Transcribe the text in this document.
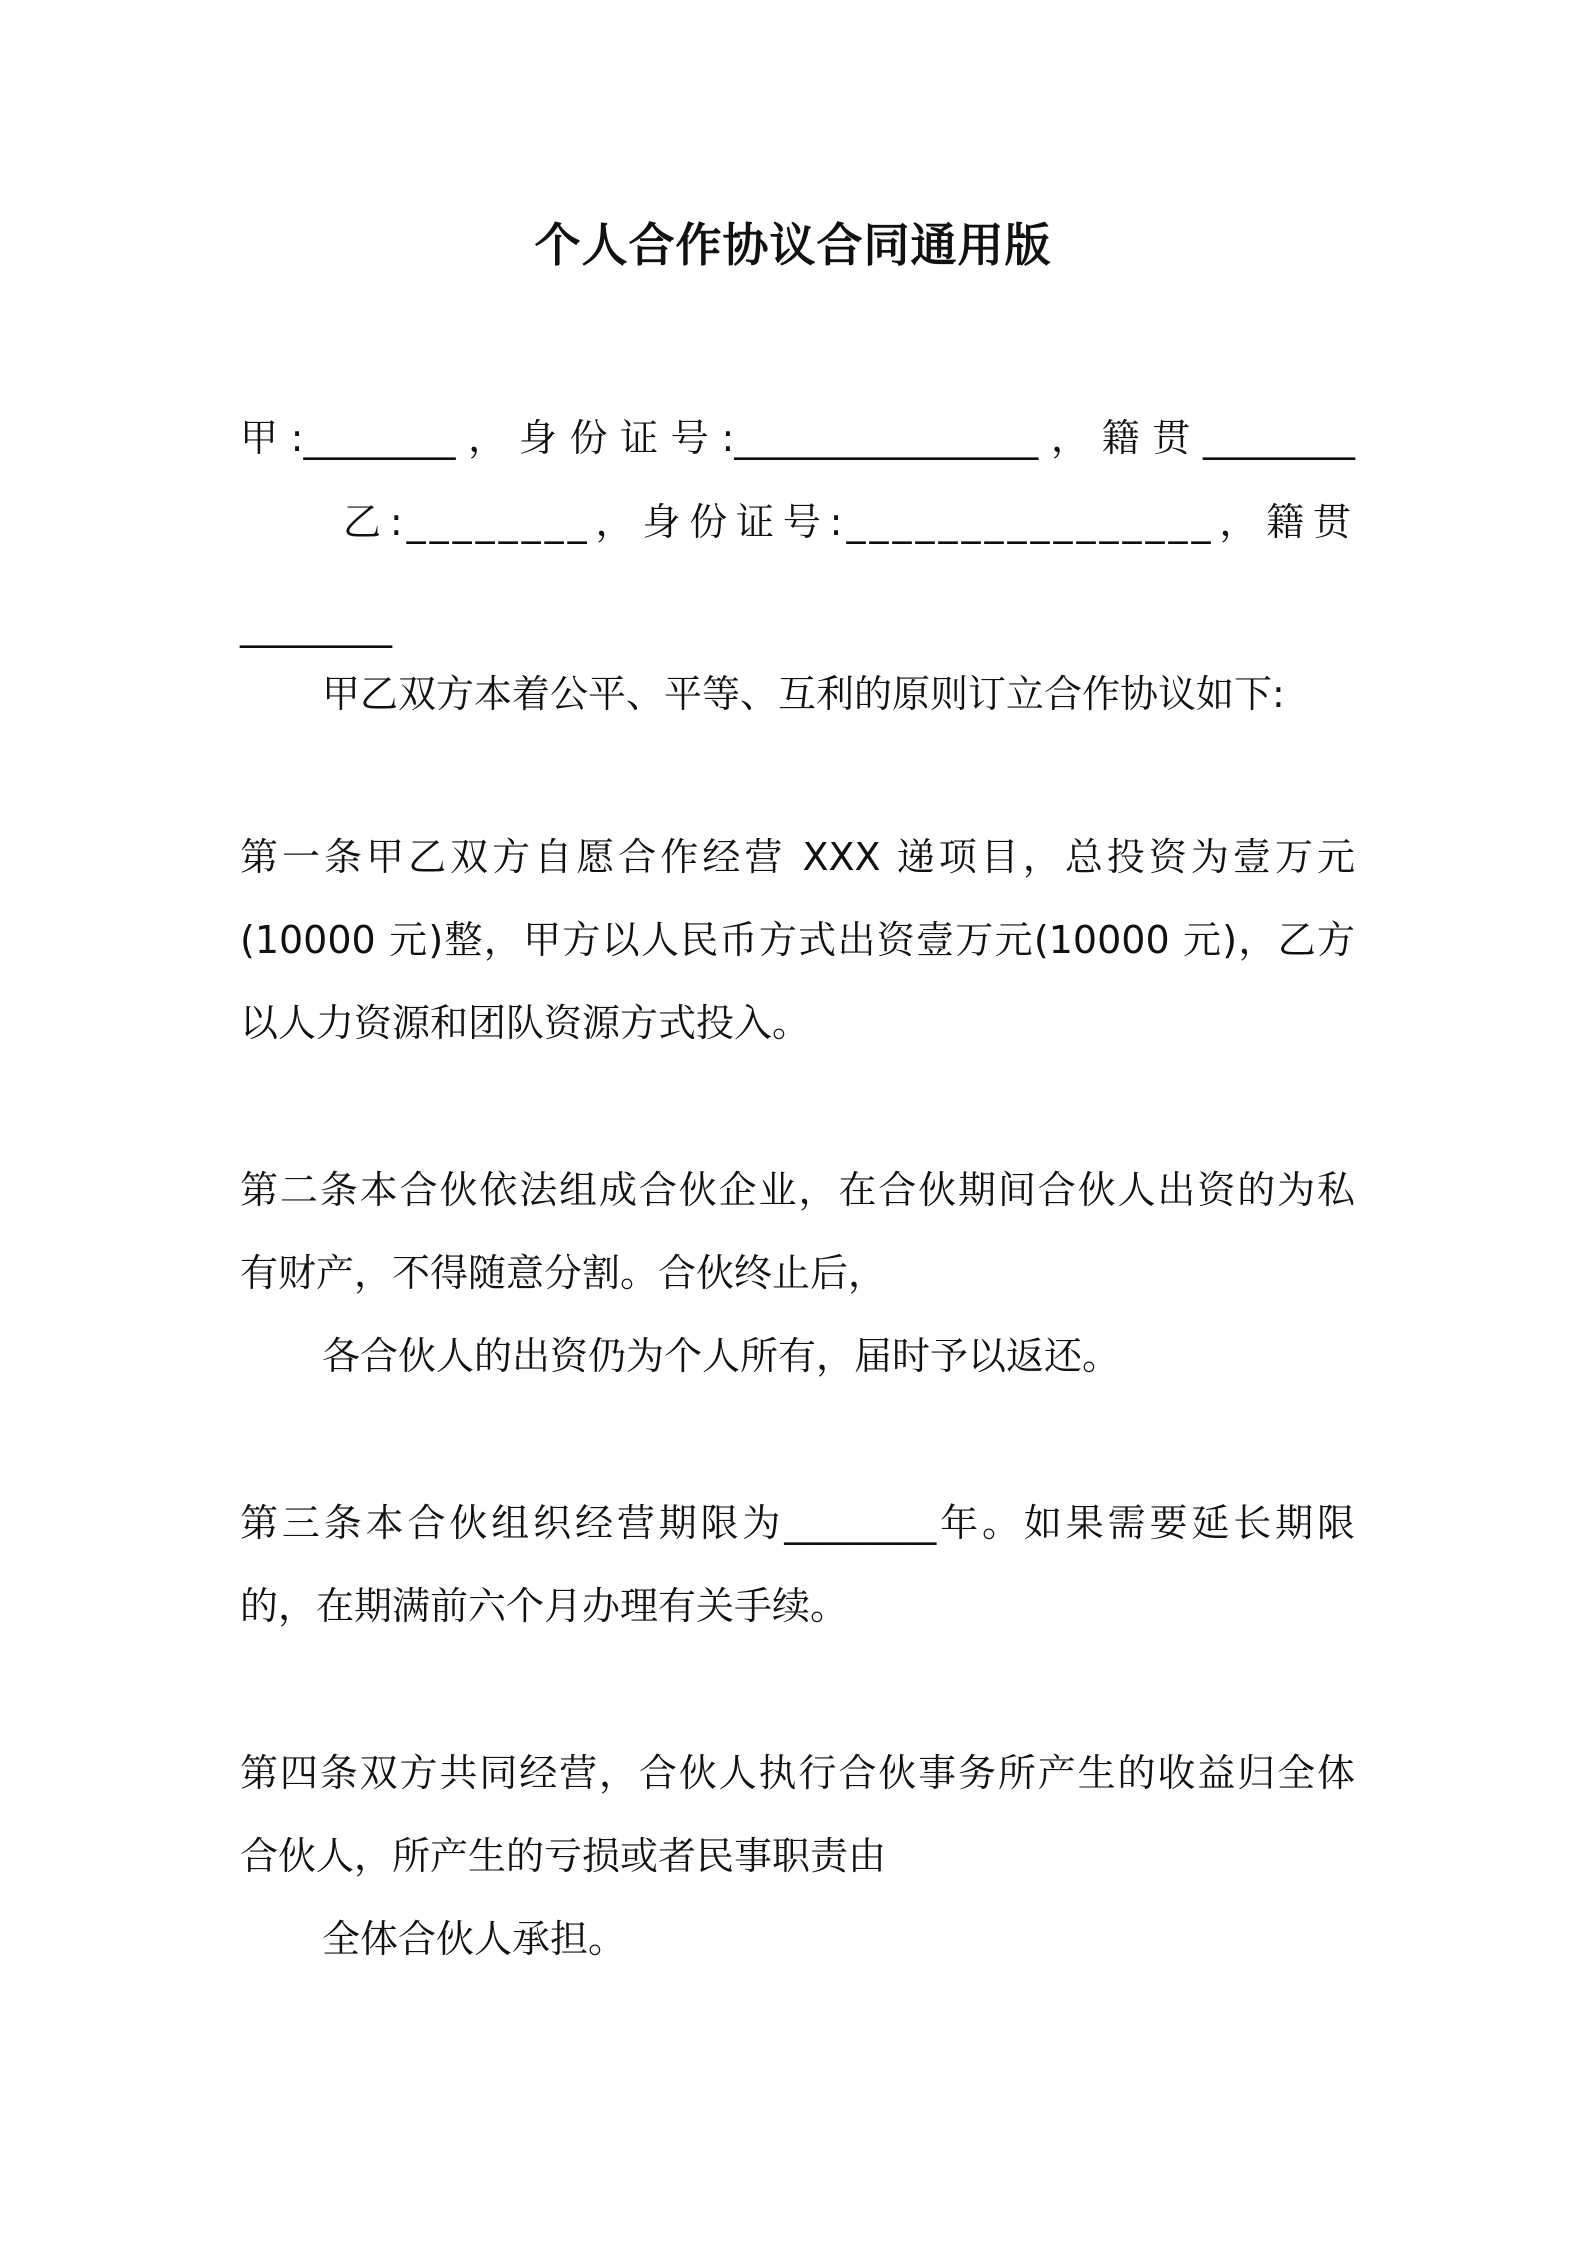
个人合作协议合同通用版
甲:________，身份证号:________________，籍贯________
乙:________，身份证号:________________，籍贯
________
甲乙双方本着公平、平等、互利的原则订立合作协议如下:
第一条甲乙双方自愿合作经营 XXX 递项目，总投资为壹万元
(10000 元)整，甲方以人民币方式出资壹万元(10000 元)，乙方
以人力资源和团队资源方式投入。
第二条本合伙依法组成合伙企业，在合伙期间合伙人出资的为私
有财产，不得随意分割。合伙终止后，
各合伙人的出资仍为个人所有，届时予以返还。
第三条本合伙组织经营期限为________年。如果需要延长期限
的，在期满前六个月办理有关手续。
第四条双方共同经营，合伙人执行合伙事务所产生的收益归全体
合伙人，所产生的亏损或者民事职责由
全体合伙人承担。
